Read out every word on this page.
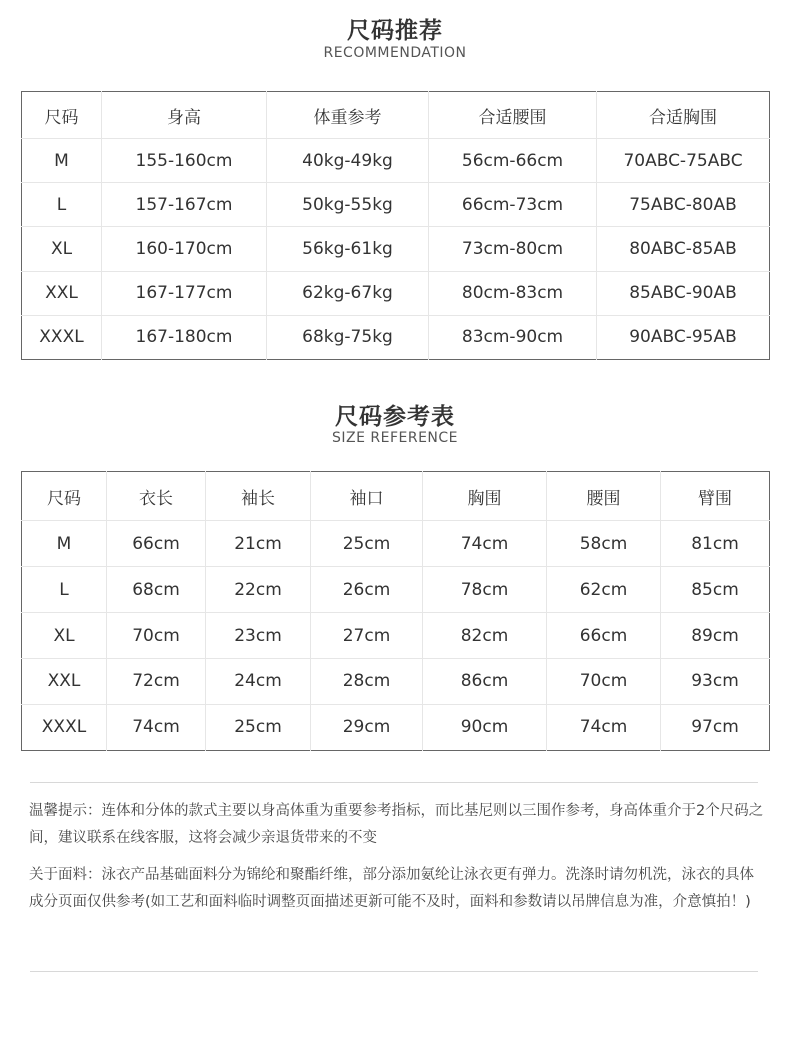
尺码推荐
RECOMMENDATION
尺码	身高	体重参考	合适腰围	合适胸围
M	155-160cm	40kg-49kg	56cm-66cm	70ABC-75ABC
L	157-167cm	50kg-55kg	66cm-73cm	75ABC-80AB
XL	160-170cm	56kg-61kg	73cm-80cm	80ABC-85AB
XXL	167-177cm	62kg-67kg	80cm-83cm	85ABC-90AB
XXXL	167-180cm	68kg-75kg	83cm-90cm	90ABC-95AB
尺码参考表
SIZE REFERENCE
尺码	衣长	袖长	袖口	胸围	腰围	臂围
M	66cm	21cm	25cm	74cm	58cm	81cm
L	68cm	22cm	26cm	78cm	62cm	85cm
XL	70cm	23cm	27cm	82cm	66cm	89cm
XXL	72cm	24cm	28cm	86cm	70cm	93cm
XXXL	74cm	25cm	29cm	90cm	74cm	97cm

温馨提示：连体和分体的款式主要以身高体重为重要参考指标，而比基尼则以三围作参考，身高体重介于2个尺码之间，建议联系在线客服，这将会减少亲退货带来的不变

关于面料：泳衣产品基础面料分为锦纶和聚酯纤维，部分添加氨纶让泳衣更有弹力。洗涤时请勿机洗，泳衣的具体成分页面仅供参考(如工艺和面料临时调整页面描述更新可能不及时，面料和参数请以吊牌信息为准，介意慎拍！)
